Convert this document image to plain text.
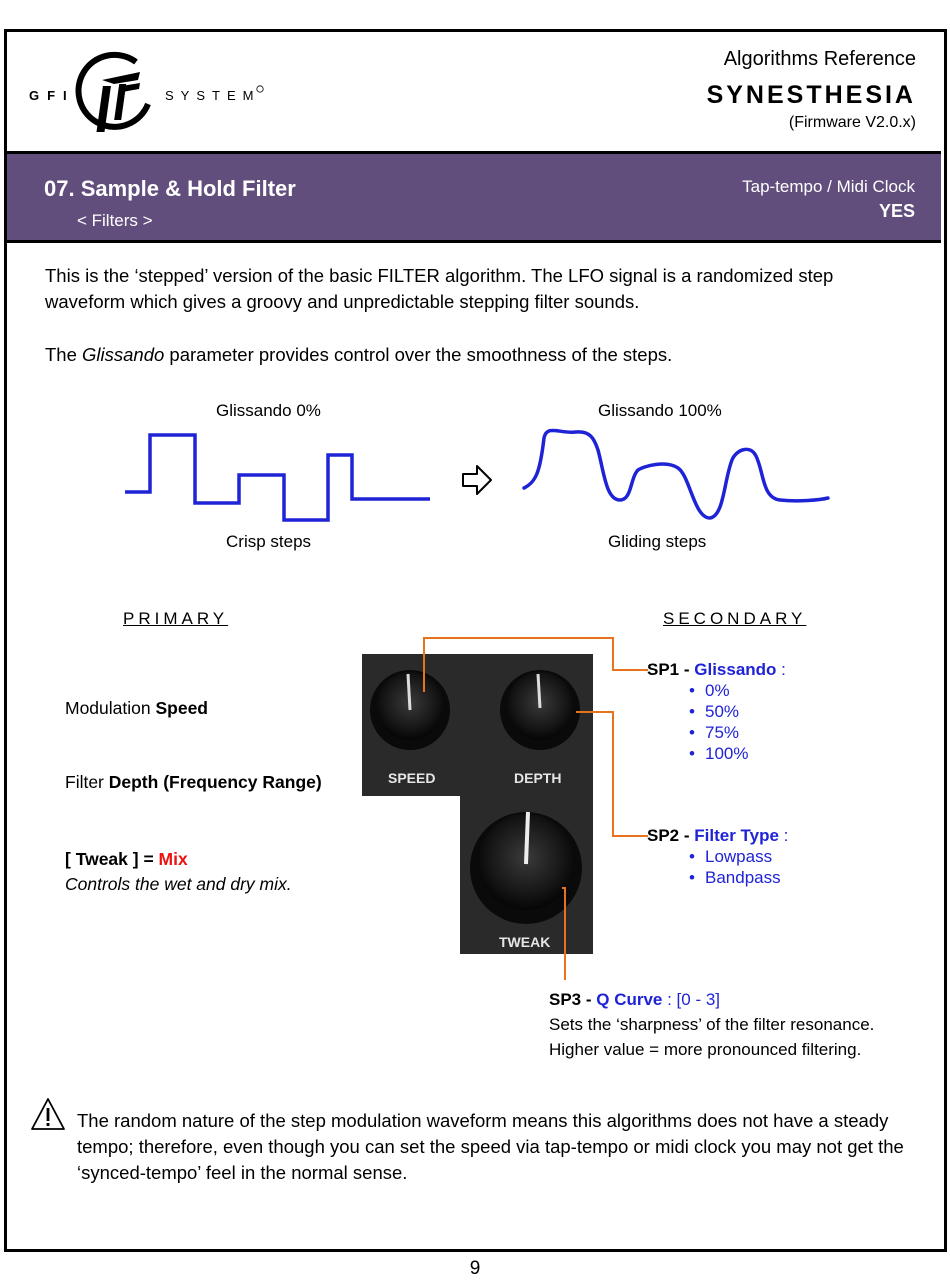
GFI	SYSTEM
Algorithms Reference
SYNESTHESIA
(Firmware V2.0.x)
07. Sample & Hold Filter
< Filters >
Tap-tempo / Midi Clock
YES
This is the ‘stepped’ version of the basic FILTER algorithm. The LFO signal is a randomized step waveform which gives a groovy and unpredictable stepping filter sounds.
The Glissando parameter provides control over the smoothness of the steps.
Glissando 0%
Crisp steps
Glissando 100%
Gliding steps
PRIMARY	SECONDARY
Modulation Speed
Filter Depth (Frequency Range)
[ Tweak ] = Mix
Controls the wet and dry mix.
SPEED	DEPTH
TWEAK
SP1 - Glissando :
• 0%
• 50%
• 75%
• 100%
SP2 - Filter Type :
• Lowpass
• Bandpass
SP3 - Q Curve : [0 - 3]
Sets the ‘sharpness’ of the filter resonance.
Higher value = more pronounced filtering.
The random nature of the step modulation waveform means this algorithms does not have a steady tempo; therefore, even though you can set the speed via tap-tempo or midi clock you may not get the ‘synced-tempo’ feel in the normal sense.
9
